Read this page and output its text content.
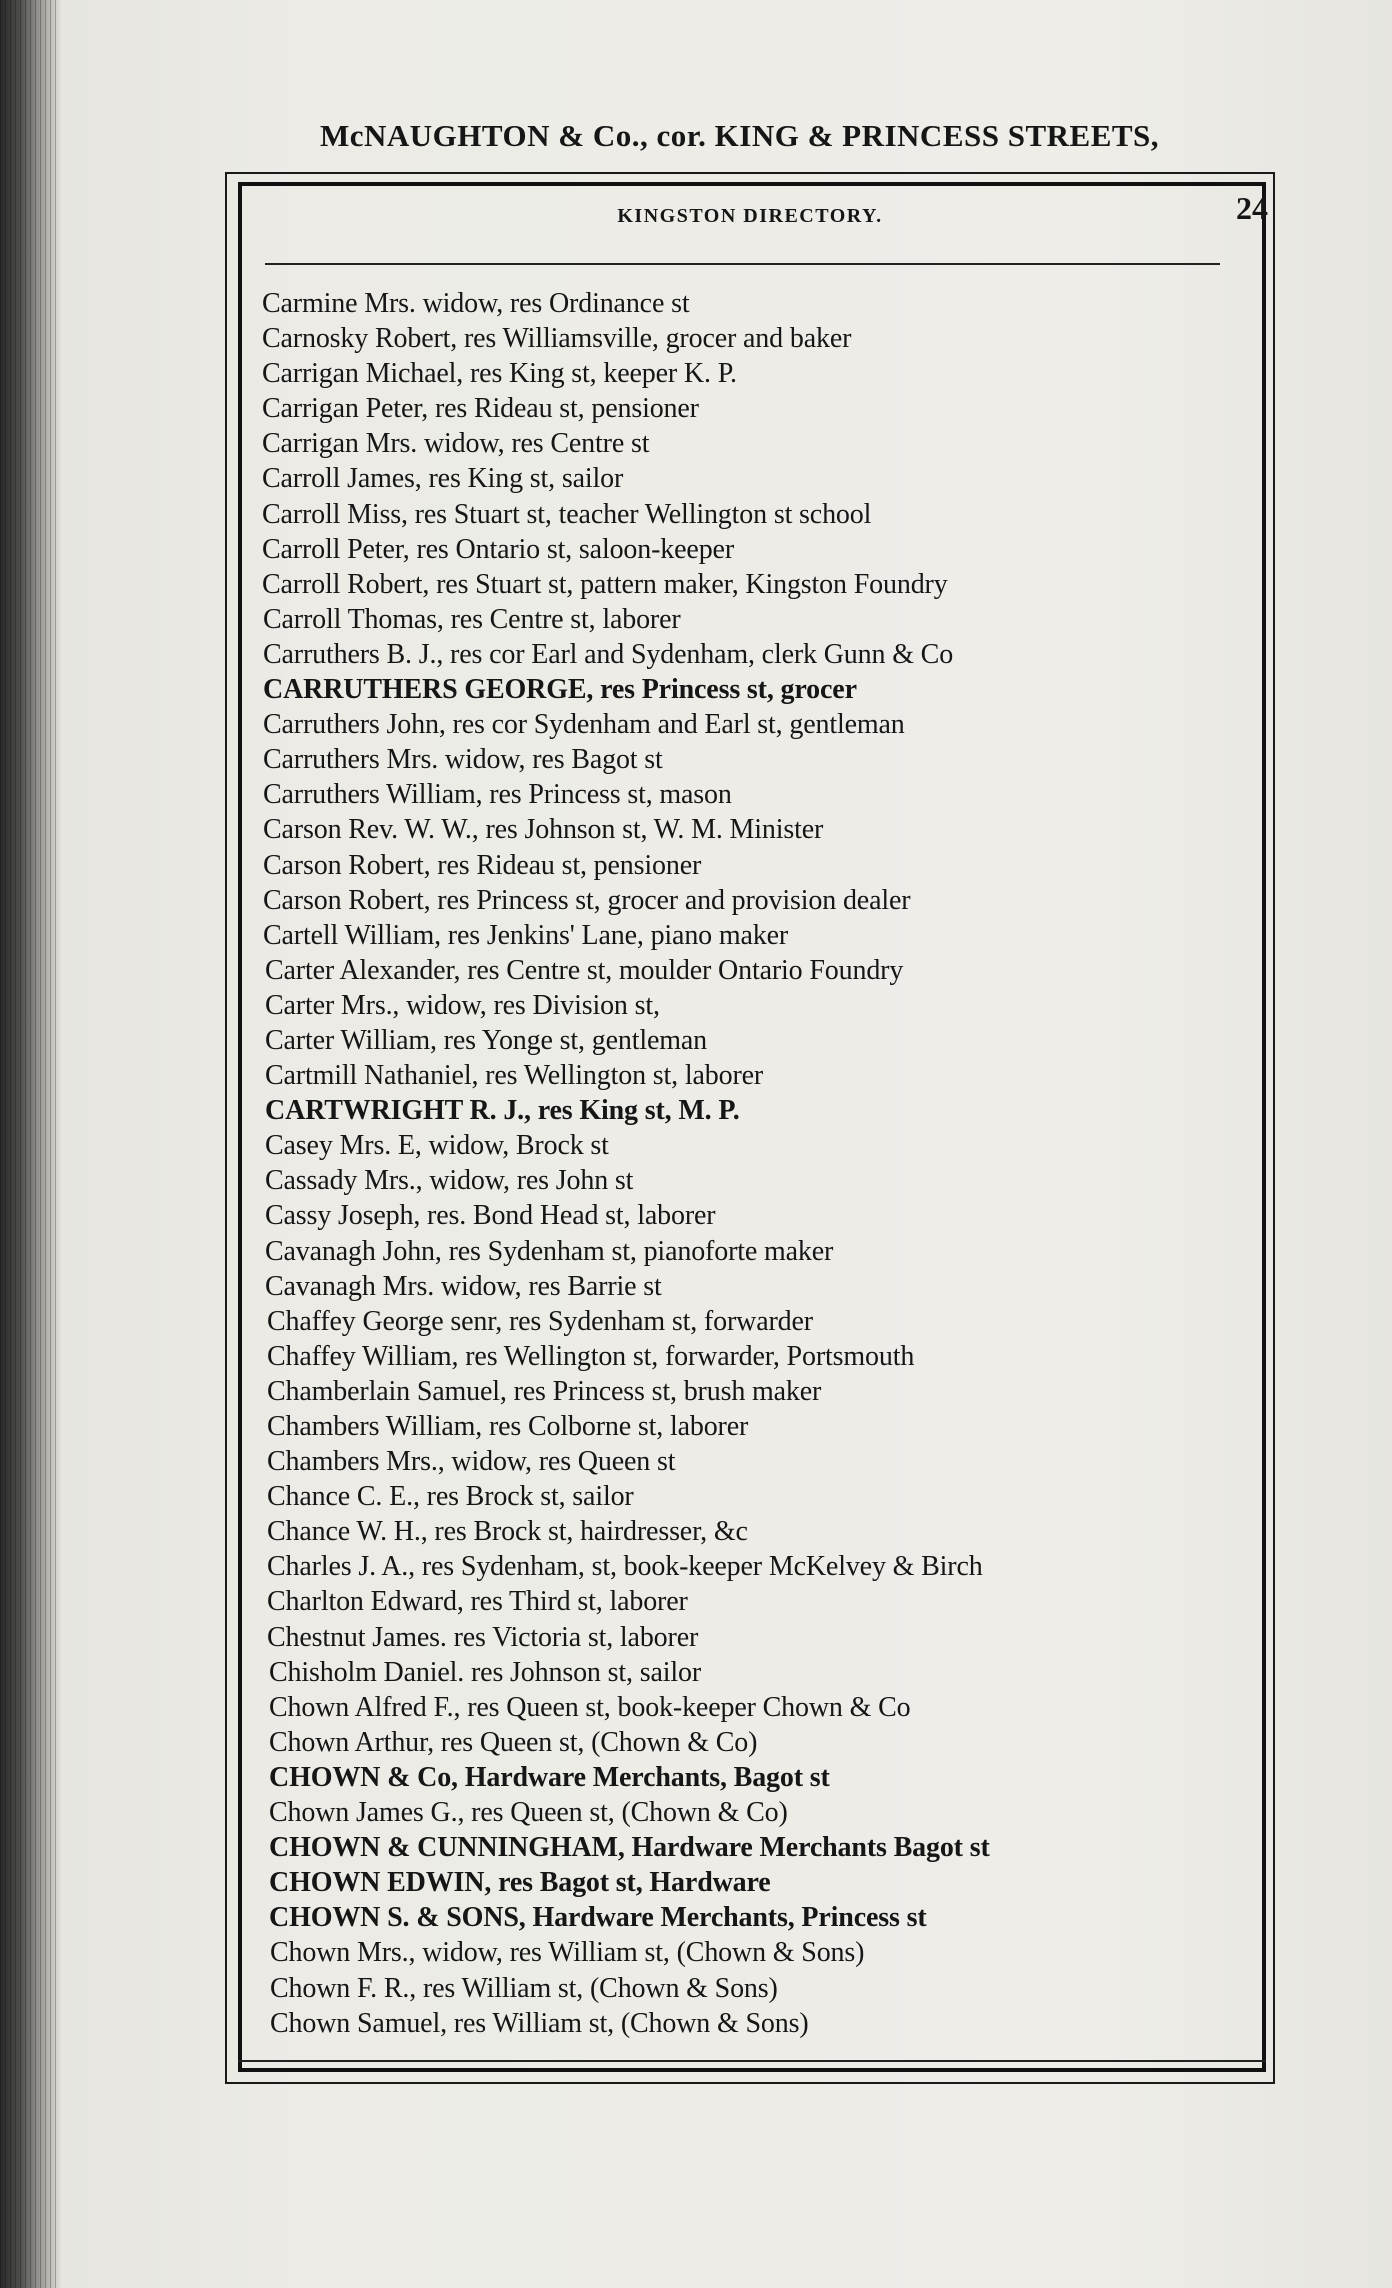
McNAUGHTON & Co., cor. KING & PRINCESS STREETS,
KINGSTON DIRECTORY.	24
Carmine Mrs. widow, res Ordinance st
Carnosky Robert, res Williamsville, grocer and baker
Carrigan Michael, res King st, keeper K. P.
Carrigan Peter, res Rideau st, pensioner
Carrigan Mrs. widow, res Centre st
Carroll James, res King st, sailor
Carroll Miss, res Stuart st, teacher Wellington st school
Carroll Peter, res Ontario st, saloon-keeper
Carroll Robert, res Stuart st, pattern maker, Kingston Foundry
Carroll Thomas, res Centre st, laborer
Carruthers B. J., res cor Earl and Sydenham, clerk Gunn & Co
CARRUTHERS GEORGE, res Princess st, grocer
Carruthers John, res cor Sydenham and Earl st, gentleman
Carruthers Mrs. widow, res Bagot st
Carruthers William, res Princess st, mason
Carson Rev. W. W., res Johnson st, W. M. Minister
Carson Robert, res Rideau st, pensioner
Carson Robert, res Princess st, grocer and provision dealer
Cartell William, res Jenkins' Lane, piano maker
Carter Alexander, res Centre st, moulder Ontario Foundry
Carter Mrs., widow, res Division st,
Carter William, res Yonge st, gentleman
Cartmill Nathaniel, res Wellington st, laborer
CARTWRIGHT R. J., res King st, M. P.
Casey Mrs. E, widow, Brock st
Cassady Mrs., widow, res John st
Cassy Joseph, res. Bond Head st, laborer
Cavanagh John, res Sydenham st, pianoforte maker
Cavanagh Mrs. widow, res Barrie st
Chaffey George senr, res Sydenham st, forwarder
Chaffey William, res Wellington st, forwarder, Portsmouth
Chamberlain Samuel, res Princess st, brush maker
Chambers William, res Colborne st, laborer
Chambers Mrs., widow, res Queen st
Chance C. E., res Brock st, sailor
Chance W. H., res Brock st, hairdresser, &c
Charles J. A., res Sydenham, st, book-keeper McKelvey & Birch
Charlton Edward, res Third st, laborer
Chestnut James. res Victoria st, laborer
Chisholm Daniel. res Johnson st, sailor
Chown Alfred F., res Queen st, book-keeper Chown & Co
Chown Arthur, res Queen st, (Chown & Co)
CHOWN & Co, Hardware Merchants, Bagot st
Chown James G., res Queen st, (Chown & Co)
CHOWN & CUNNINGHAM, Hardware Merchants Bagot st
CHOWN EDWIN, res Bagot st, Hardware
CHOWN S. & SONS, Hardware Merchants, Princess st
Chown Mrs., widow, res William st, (Chown & Sons)
Chown F. R., res William st, (Chown & Sons)
Chown Samuel, res William st, (Chown & Sons)
